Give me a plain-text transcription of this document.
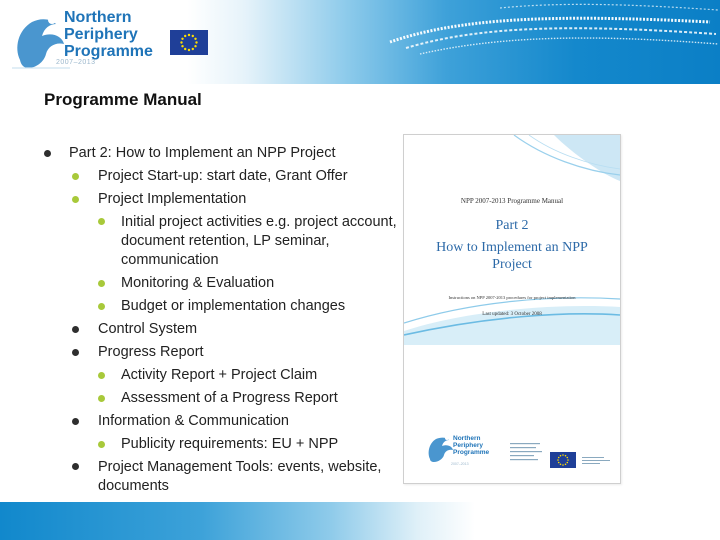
Northern
Periphery
Programme
2007–2013
Programme Manual
Part 2: How to Implement an NPP Project
Project Start-up: start date, Grant Offer
Project Implementation
Initial project activities e.g. project account, document retention, LP seminar, communication
Monitoring & Evaluation
Budget or implementation changes
Control System
Progress Report
Activity Report + Project Claim
Assessment of a Progress Report
Information & Communication
Publicity requirements: EU + NPP
Project Management Tools: events, website, documents
NPP 2007-2013 Programme Manual
Part 2
How to Implement an NPP
Project
Instructions on NPP 2007-2013 procedures for project implementation
Last updated: 3 October 2008
Northern
Periphery
Programme
2007–2013
